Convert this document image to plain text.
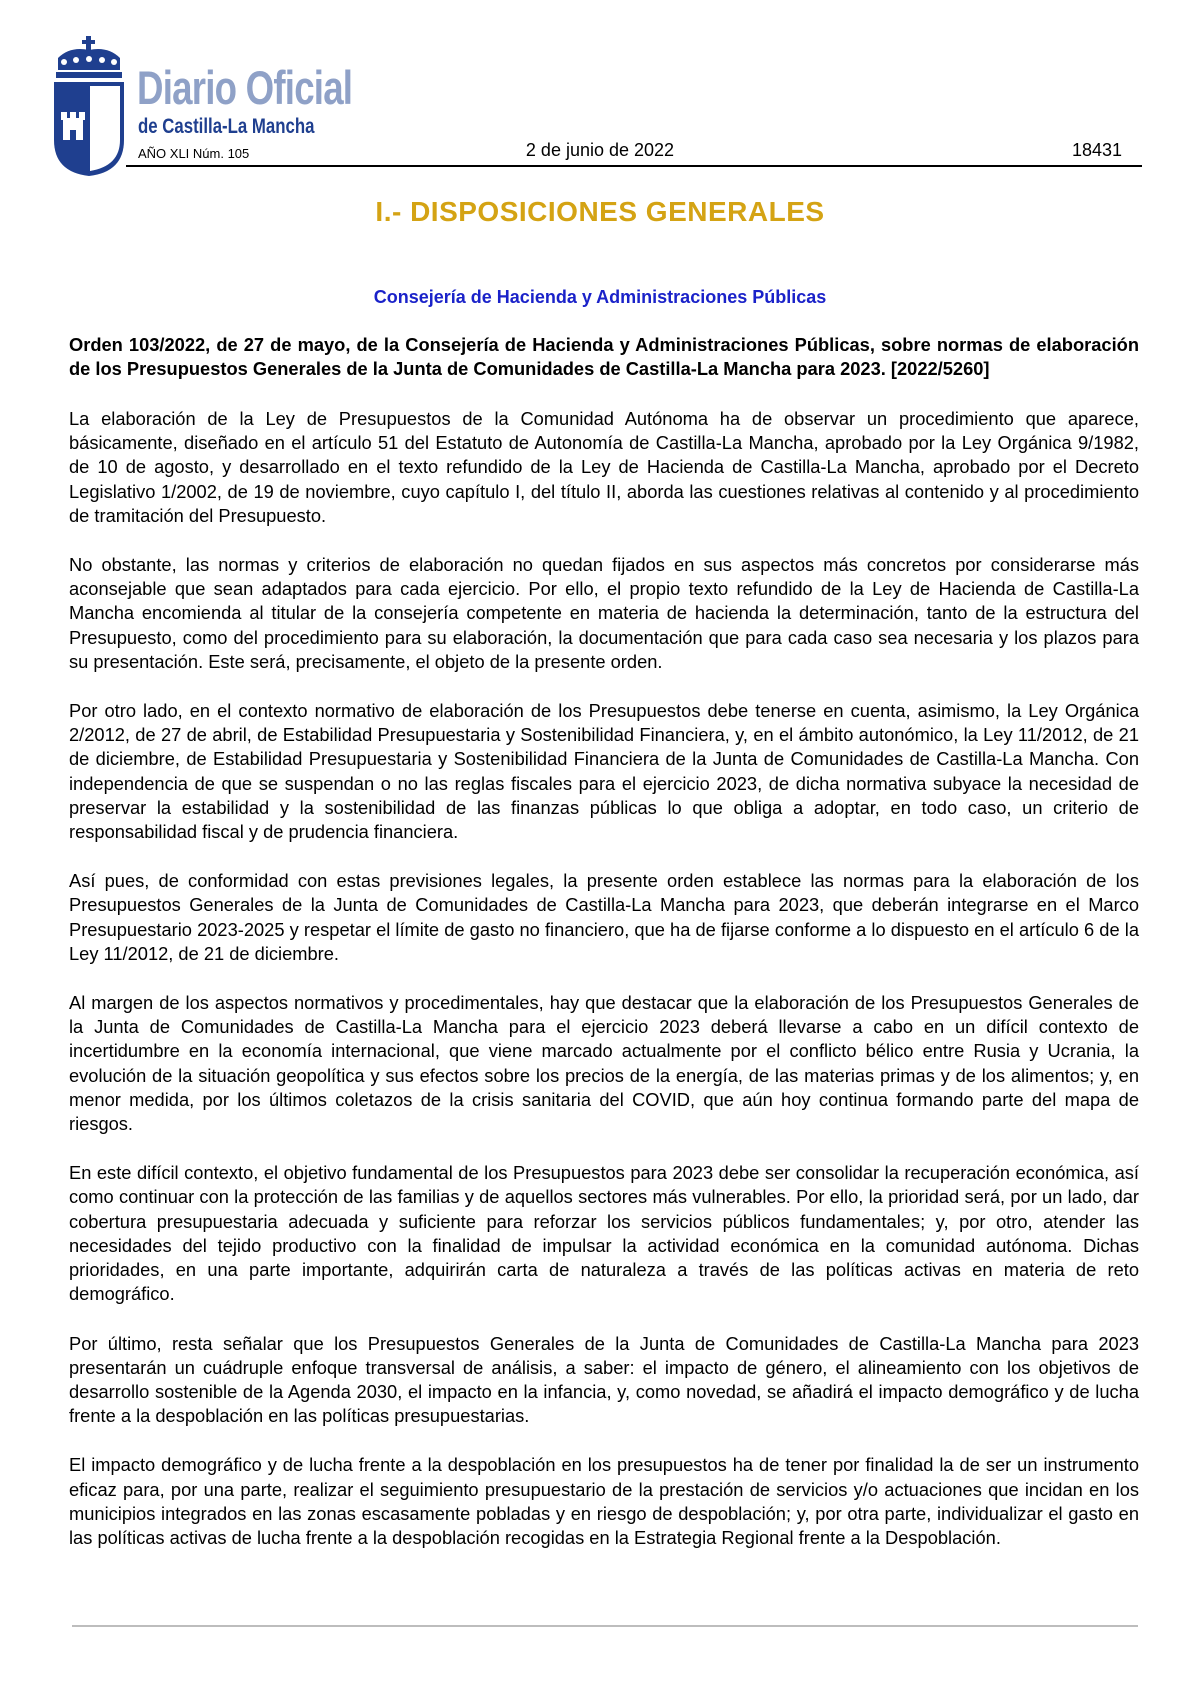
Diario Oficial
de Castilla-La Mancha
AÑO XLI Núm. 105	2 de junio de 2022	18431
I.- DISPOSICIONES GENERALES
Consejería de Hacienda y Administraciones Públicas

Orden 103/2022, de 27 de mayo, de la Consejería de Hacienda y Administraciones Públicas, sobre normas de elaboración de los Presupuestos Generales de la Junta de Comunidades de Castilla-La Mancha para 2023. [2022/5260]

La elaboración de la Ley de Presupuestos de la Comunidad Autónoma ha de observar un procedimiento que aparece, básicamente, diseñado en el artículo 51 del Estatuto de Autonomía de Castilla-La Mancha, aprobado por la Ley Orgánica 9/1982, de 10 de agosto, y desarrollado en el texto refundido de la Ley de Hacienda de Castilla-La Mancha, aprobado por el Decreto Legislativo 1/2002, de 19 de noviembre, cuyo capítulo I, del título II, aborda las cuestiones relativas al contenido y al procedimiento de tramitación del Presupuesto.

No obstante, las normas y criterios de elaboración no quedan fijados en sus aspectos más concretos por considerarse más aconsejable que sean adaptados para cada ejercicio. Por ello, el propio texto refundido de la Ley de Hacienda de Castilla-La Mancha encomienda al titular de la consejería competente en materia de hacienda la determinación, tanto de la estructura del Presupuesto, como del procedimiento para su elaboración, la documentación que para cada caso sea necesaria y los plazos para su presentación. Este será, precisamente, el objeto de la presente orden.

Por otro lado, en el contexto normativo de elaboración de los Presupuestos debe tenerse en cuenta, asimismo, la Ley Orgánica 2/2012, de 27 de abril, de Estabilidad Presupuestaria y Sostenibilidad Financiera, y, en el ámbito autonómico, la Ley 11/2012, de 21 de diciembre, de Estabilidad Presupuestaria y Sostenibilidad Financiera de la Junta de Comunidades de Castilla-La Mancha. Con independencia de que se suspendan o no las reglas fiscales para el ejercicio 2023, de dicha normativa subyace la necesidad de preservar la estabilidad y la sostenibilidad de las finanzas públicas lo que obliga a adoptar, en todo caso, un criterio de responsabilidad fiscal y de prudencia financiera.

Así pues, de conformidad con estas previsiones legales, la presente orden establece las normas para la elaboración de los Presupuestos Generales de la Junta de Comunidades de Castilla-La Mancha para 2023, que deberán integrarse en el Marco Presupuestario 2023-2025 y respetar el límite de gasto no financiero, que ha de fijarse conforme a lo dispuesto en el artículo 6 de la Ley 11/2012, de 21 de diciembre.

Al margen de los aspectos normativos y procedimentales, hay que destacar que la elaboración de los Presupuestos Generales de la Junta de Comunidades de Castilla-La Mancha para el ejercicio 2023 deberá llevarse a cabo en un difícil contexto de incertidumbre en la economía internacional, que viene marcado actualmente por el conflicto bélico entre Rusia y Ucrania, la evolución de la situación geopolítica y sus efectos sobre los precios de la energía, de las materias primas y de los alimentos; y, en menor medida, por los últimos coletazos de la crisis sanitaria del COVID, que aún hoy continua formando parte del mapa de riesgos.

En este difícil contexto, el objetivo fundamental de los Presupuestos para 2023 debe ser consolidar la recuperación económica, así como continuar con la protección de las familias y de aquellos sectores más vulnerables. Por ello, la prioridad será, por un lado, dar cobertura presupuestaria adecuada y suficiente para reforzar los servicios públicos fundamentales; y, por otro, atender las necesidades del tejido productivo con la finalidad de impulsar la actividad económica en la comunidad autónoma. Dichas prioridades, en una parte importante, adquirirán carta de naturaleza a través de las políticas activas en materia de reto demográfico.

Por último, resta señalar que los Presupuestos Generales de la Junta de Comunidades de Castilla-La Mancha para 2023 presentarán un cuádruple enfoque transversal de análisis, a saber: el impacto de género, el alineamiento con los objetivos de desarrollo sostenible de la Agenda 2030, el impacto en la infancia, y, como novedad, se añadirá el impacto demográfico y de lucha frente a la despoblación en las políticas presupuestarias.

El impacto demográfico y de lucha frente a la despoblación en los presupuestos ha de tener por finalidad la de ser un instrumento eficaz para, por una parte, realizar el seguimiento presupuestario de la prestación de servicios y/o actuaciones que incidan en los municipios integrados en las zonas escasamente pobladas y en riesgo de despoblación; y, por otra parte, individualizar el gasto en las políticas activas de lucha frente a la despoblación recogidas en la Estrategia Regional frente a la Despoblación.
